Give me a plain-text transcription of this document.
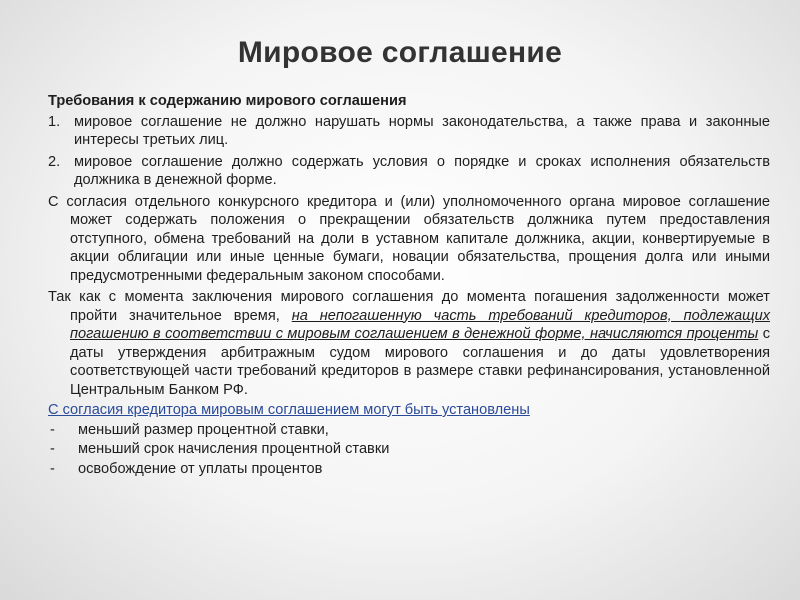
Мировое соглашение
Требования к содержанию мирового соглашения
1. мировое соглашение не должно нарушать нормы законодательства, а также права и законные интересы третьих лиц.
2. мировое соглашение должно содержать условия о порядке и сроках исполнения обязательств должника в денежной форме.
С согласия отдельного конкурсного кредитора и (или) уполномоченного органа мировое соглашение может содержать положения о прекращении обязательств должника путем предоставления отступного, обмена требований на доли в уставном капитале должника, акции, конвертируемые в акции облигации или иные ценные бумаги, новации обязательства, прощения долга или иными предусмотренными федеральным законом способами.
Так как с момента заключения мирового соглашения до момента погашения задолженности может пройти значительное время, на непогашенную часть требований кредиторов, подлежащих погашению в соответствии с мировым соглашением в денежной форме, начисляются проценты с даты утверждения арбитражным судом мирового соглашения и до даты удовлетворения соответствующей части требований кредиторов в размере ставки рефинансирования, установленной Центральным Банком РФ.
С согласия кредитора мировым соглашением могут быть установлены
-	меньший размер процентной ставки,
-	меньший срок начисления процентной ставки
-	освобождение от уплаты процентов
